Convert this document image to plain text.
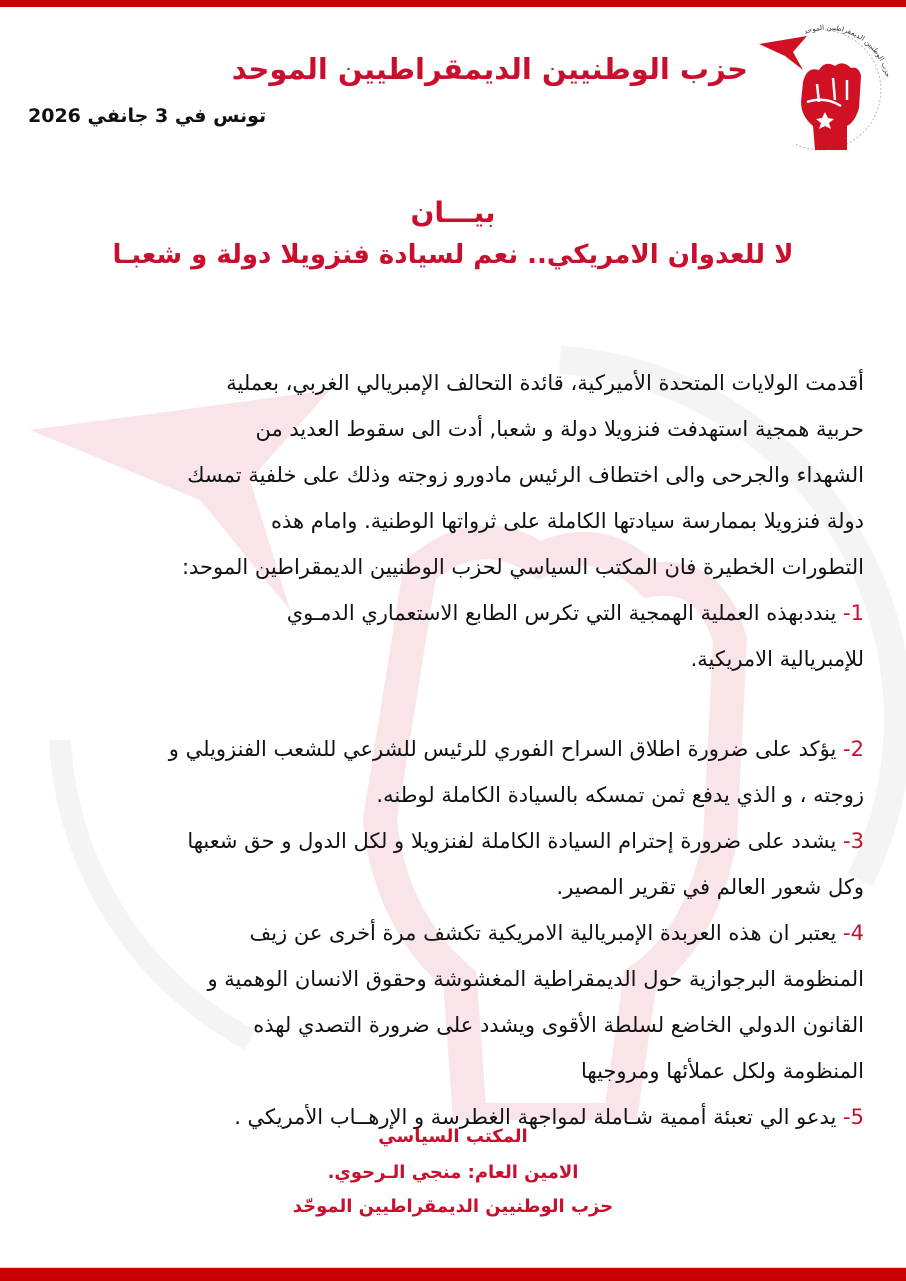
حزب الوطنيين الديمقراطيين الموحد
تونس في 3 جانفي 2026
حزب الوطنيين الديمقراطيين الموحد
بيـــان
لا للعدوان الامريكي.. نعم لسيادة فنزويلا دولة و شعبـا

أقدمت الولايات المتحدة الأميركية، قائدة التحالف الإمبريالي الغربي، بعملية

حربية همجية استهدفت فنزويلا دولة و شعبا, أدت الى سقوط العديد من

الشهداء والجرحى والى اختطاف الرئيس مادورو زوجته وذلك على خلفية تمسك

دولة فنزويلا بممارسة سيادتها الكاملة على ثرواتها الوطنية. وامام هذه

التطورات الخطيرة فان المكتب السياسي لحزب الوطنيين الديمقراطين الموحد:

1- ينددبهذه العملية الهمجية التي تكرس الطابع الاستعماري الدمـوي

للإمبريالية الامريكية.

2- يؤكد على ضرورة اطلاق السراح الفوري للرئيس للشرعي للشعب الفنزويلي و

زوجته ، و الذي يدفع ثمن تمسكه بالسيادة الكاملة لوطنه.

3- يشدد على ضرورة إحترام السيادة الكاملة لفنزويلا و لكل الدول و حق شعبها

وكل شعور العالم في تقرير المصير.

4- يعتبر ان هذه العربدة الإمبريالية الامريكية تكشف مرة أخرى عن زيف

المنظومة البرجوازية حول الديمقراطية المغشوشة وحقوق الانسان الوهمية و

القانون الدولي الخاضع لسلطة الأقوى ويشدد على ضرورة التصدي لهذه

المنظومة ولكل عملأئها ومروجيها

5- يدعو الي تعبئة أممية شـاملة لمواجهة الغطرسة و الإرهــاب الأمريكي .

المكتب السياسي
الامين العام: منجي الـرحوي.
حزب الوطنيين الديمقراطيين الموحّد
